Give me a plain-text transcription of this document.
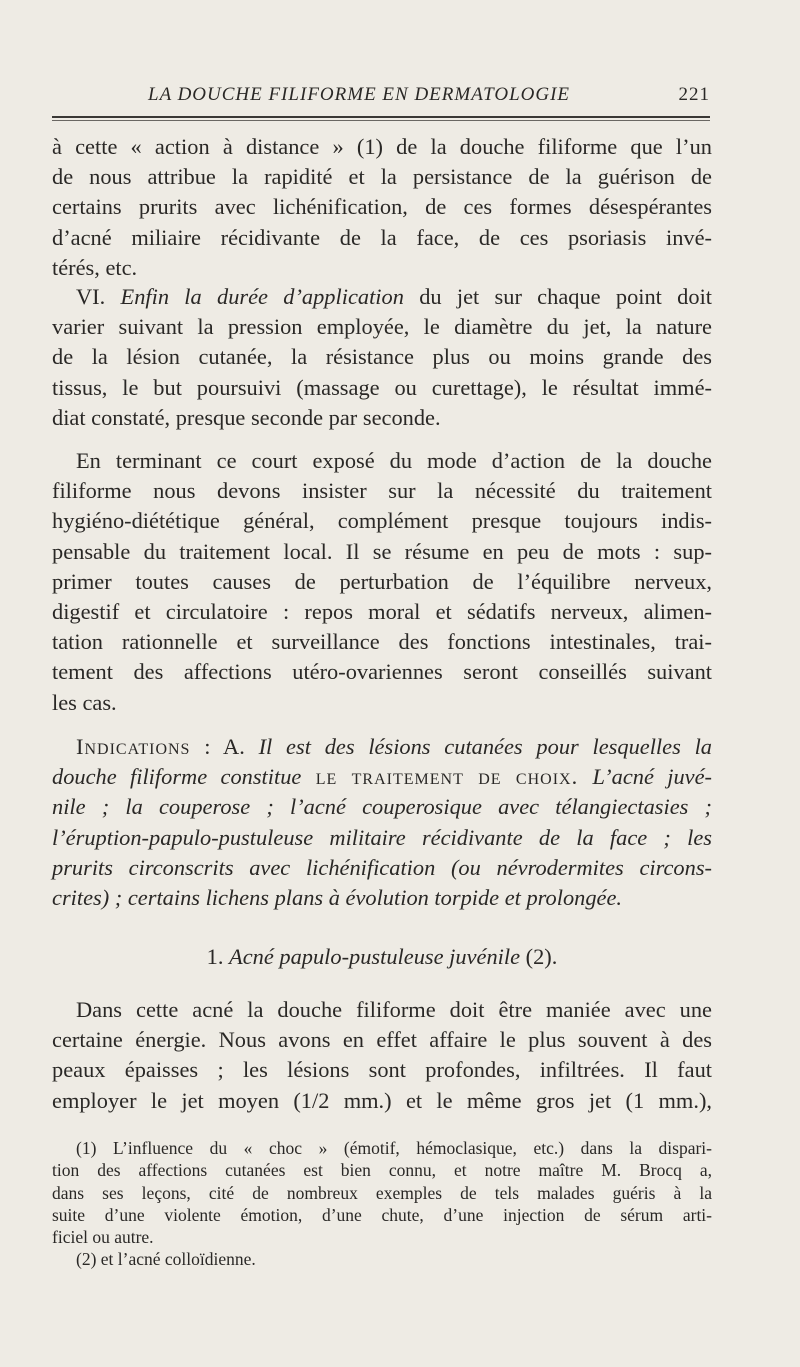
LA DOUCHE FILIFORME EN DERMATOLOGIE	221
à cette « action à distance » (1) de la douche filiforme que l’un
de nous attribue la rapidité et la persistance de la guérison de
certains prurits avec lichénification, de ces formes désespérantes
d’acné miliaire récidivante de la face, de ces psoriasis invé-
térés, etc.
VI. Enfin la durée d’application du jet sur chaque point doit
varier suivant la pression employée, le diamètre du jet, la nature
de la lésion cutanée, la résistance plus ou moins grande des
tissus, le but poursuivi (massage ou curettage), le résultat immé-
diat constaté, presque seconde par seconde.
En terminant ce court exposé du mode d’action de la douche
filiforme nous devons insister sur la nécessité du traitement
hygiéno-diététique général, complément presque toujours indis-
pensable du traitement local. Il se résume en peu de mots : sup-
primer toutes causes de perturbation de l’équilibre nerveux,
digestif et circulatoire : repos moral et sédatifs nerveux, alimen-
tation rationnelle et surveillance des fonctions intestinales, trai-
tement des affections utéro-ovariennes seront conseillés suivant
les cas.
Indications : A. Il est des lésions cutanées pour lesquelles la
douche filiforme constitue le traitement de choix. L’acné juvé-
nile ; la couperose ; l’acné couperosique avec télangiectasies ;
l’éruption-papulo-pustuleuse militaire récidivante de la face ; les
prurits circonscrits avec lichénification (ou névrodermites circons-
crites) ; certains lichens plans à évolution torpide et prolongée.
1. Acné papulo-pustuleuse juvénile (2).
Dans cette acné la douche filiforme doit être maniée avec une
certaine énergie. Nous avons en effet affaire le plus souvent à des
peaux épaisses ; les lésions sont profondes, infiltrées. Il faut
employer le jet moyen (1/2 mm.) et le même gros jet (1 mm.),
(1) L’influence du « choc » (émotif, hémoclasique, etc.) dans la dispari-
tion des affections cutanées est bien connu, et notre maître M. Brocq a,
dans ses leçons, cité de nombreux exemples de tels malades guéris à la
suite d’une violente émotion, d’une chute, d’une injection de sérum arti-
ficiel ou autre.
(2) et l’acné colloïdienne.
